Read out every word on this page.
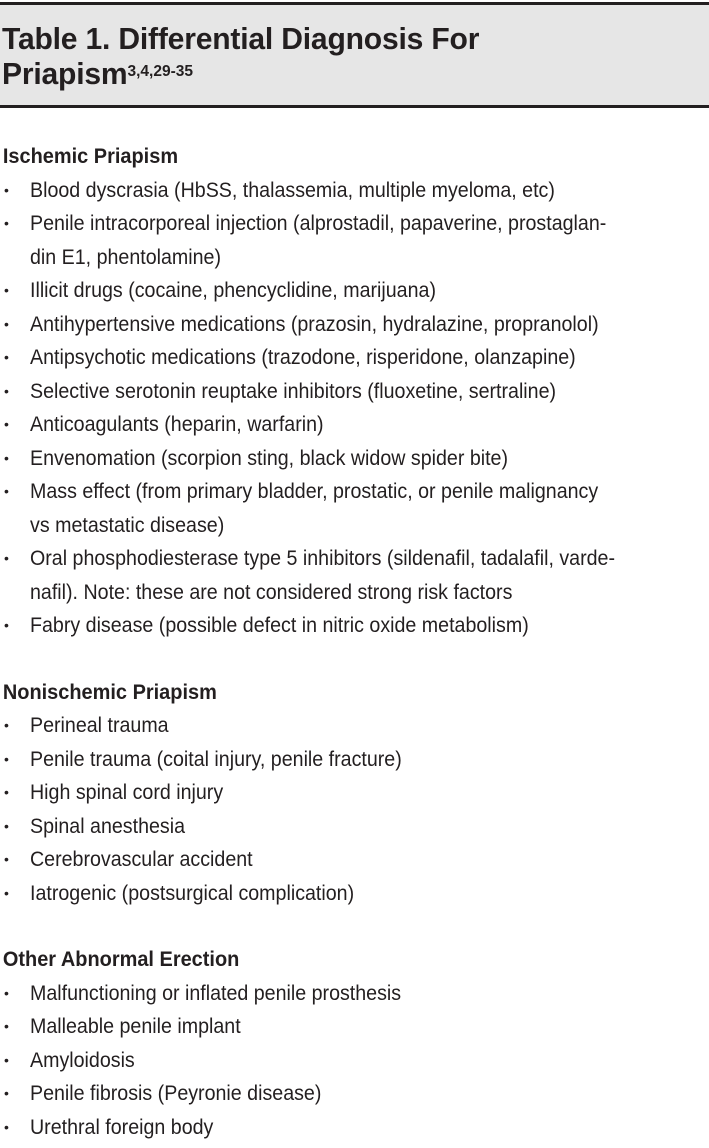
Table 1. Differential Diagnosis For
Priapism$^{3,4,29-35}$
Ischemic Priapism
• Blood dyscrasia (HbSS, thalassemia, multiple myeloma, etc)
• Penile intracorporeal injection (alprostadil, papaverine, prostaglan-
din E1, phentolamine)
• Illicit drugs (cocaine, phencyclidine, marijuana)
• Antihypertensive medications (prazosin, hydralazine, propranolol)
• Antipsychotic medications (trazodone, risperidone, olanzapine)
• Selective serotonin reuptake inhibitors (fluoxetine, sertraline)
• Anticoagulants (heparin, warfarin)
• Envenomation (scorpion sting, black widow spider bite)
• Mass effect (from primary bladder, prostatic, or penile malignancy
vs metastatic disease)
• Oral phosphodiesterase type 5 inhibitors (sildenafil, tadalafil, varde-
nafil). Note: these are not considered strong risk factors
• Fabry disease (possible defect in nitric oxide metabolism)
Nonischemic Priapism
• Perineal trauma
• Penile trauma (coital injury, penile fracture)
• High spinal cord injury
• Spinal anesthesia
• Cerebrovascular accident
• Iatrogenic (postsurgical complication)
Other Abnormal Erection
• Malfunctioning or inflated penile prosthesis
• Malleable penile implant
• Amyloidosis
• Penile fibrosis (Peyronie disease)
• Urethral foreign body
